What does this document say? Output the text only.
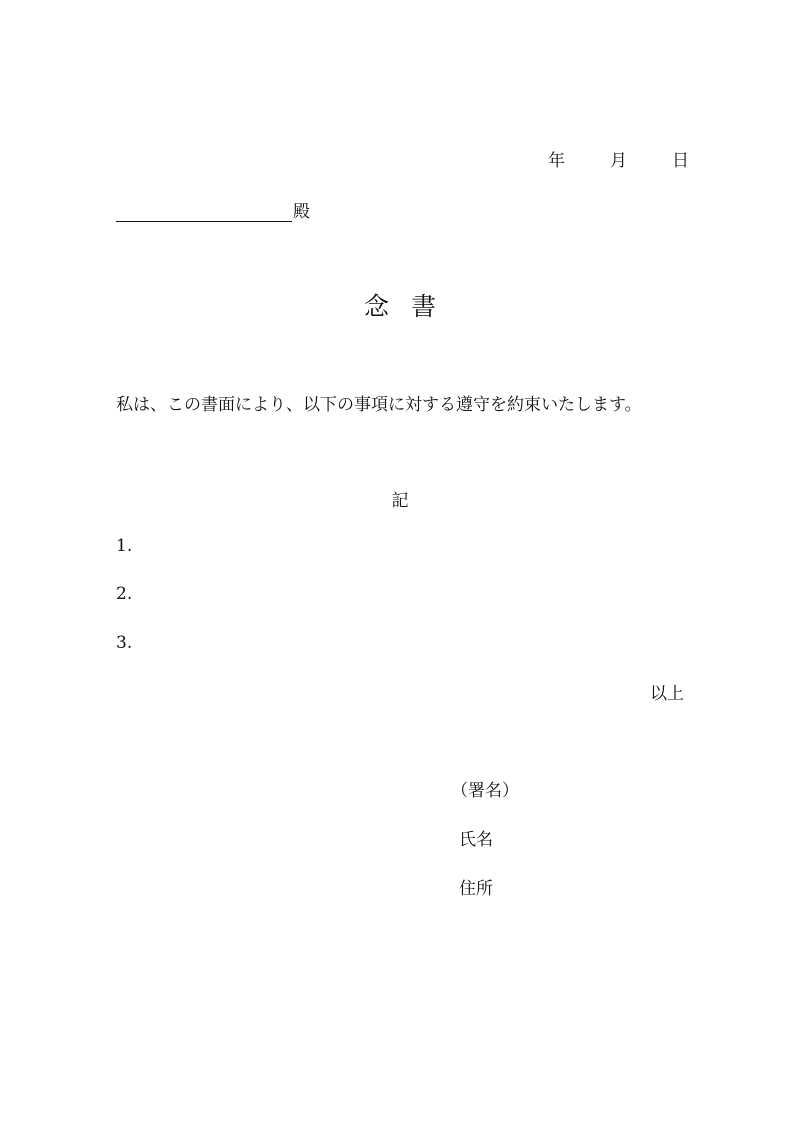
年	月	日
殿
念書
私は、この書面により、以下の事項に対する遵守を約束いたします。
記
1.
2.
3.
以上
（署名）
氏名
住所
